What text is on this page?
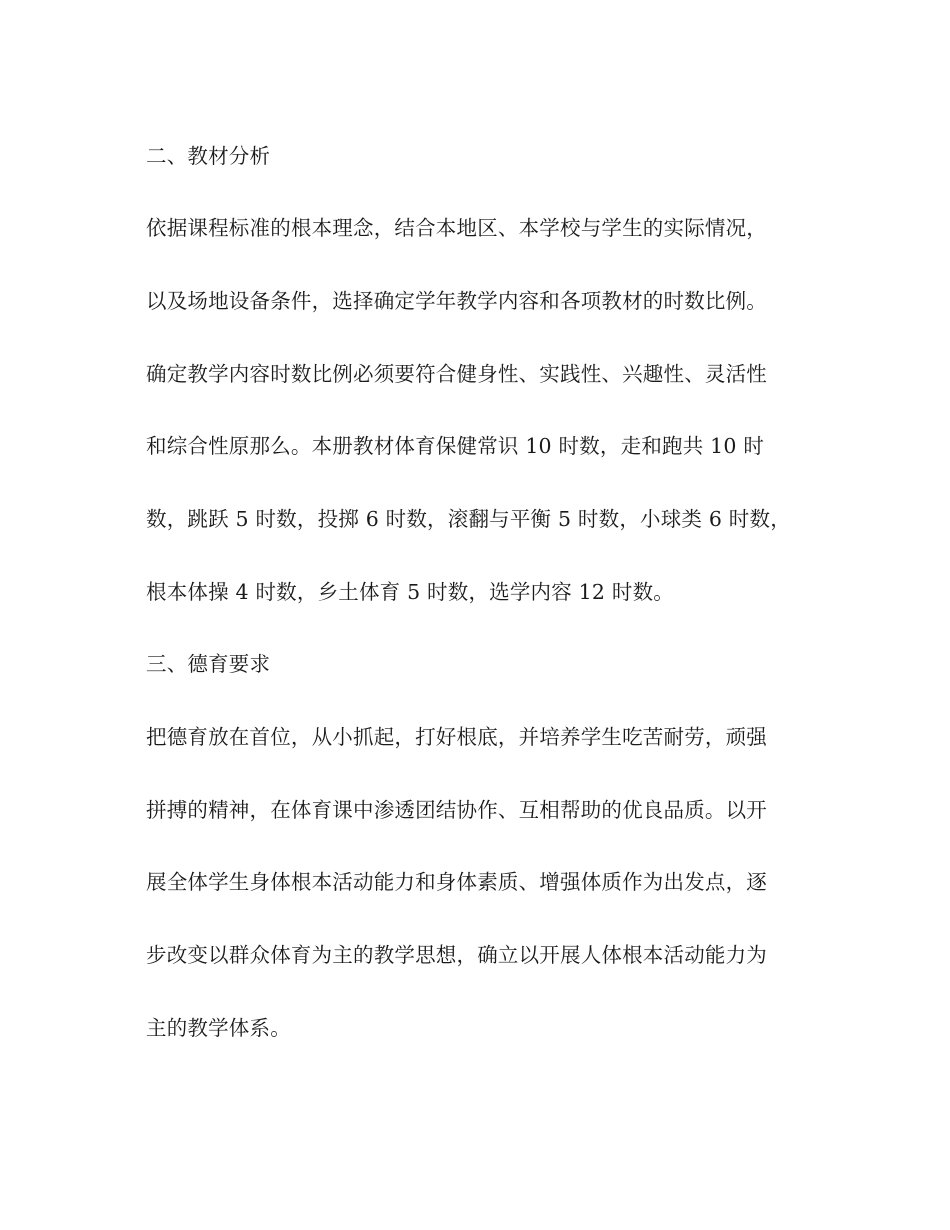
二、教材分析
依据课程标准的根本理念，结合本地区、本学校与学生的实际情况，
以及场地设备条件，选择确定学年教学内容和各项教材的时数比例。
确定教学内容时数比例必须要符合健身性、实践性、兴趣性、灵活性
和综合性原那么。本册教材体育保健常识 10 时数，走和跑共 10 时
数，跳跃 5 时数，投掷 6 时数，滚翻与平衡 5 时数，小球类 6 时数，
根本体操 4 时数，乡土体育 5 时数，选学内容 12 时数。
三、德育要求
把德育放在首位，从小抓起，打好根底，并培养学生吃苦耐劳，顽强
拼搏的精神，在体育课中渗透团结协作、互相帮助的优良品质。以开
展全体学生身体根本活动能力和身体素质、增强体质作为出发点，逐
步改变以群众体育为主的教学思想，确立以开展人体根本活动能力为
主的教学体系。
